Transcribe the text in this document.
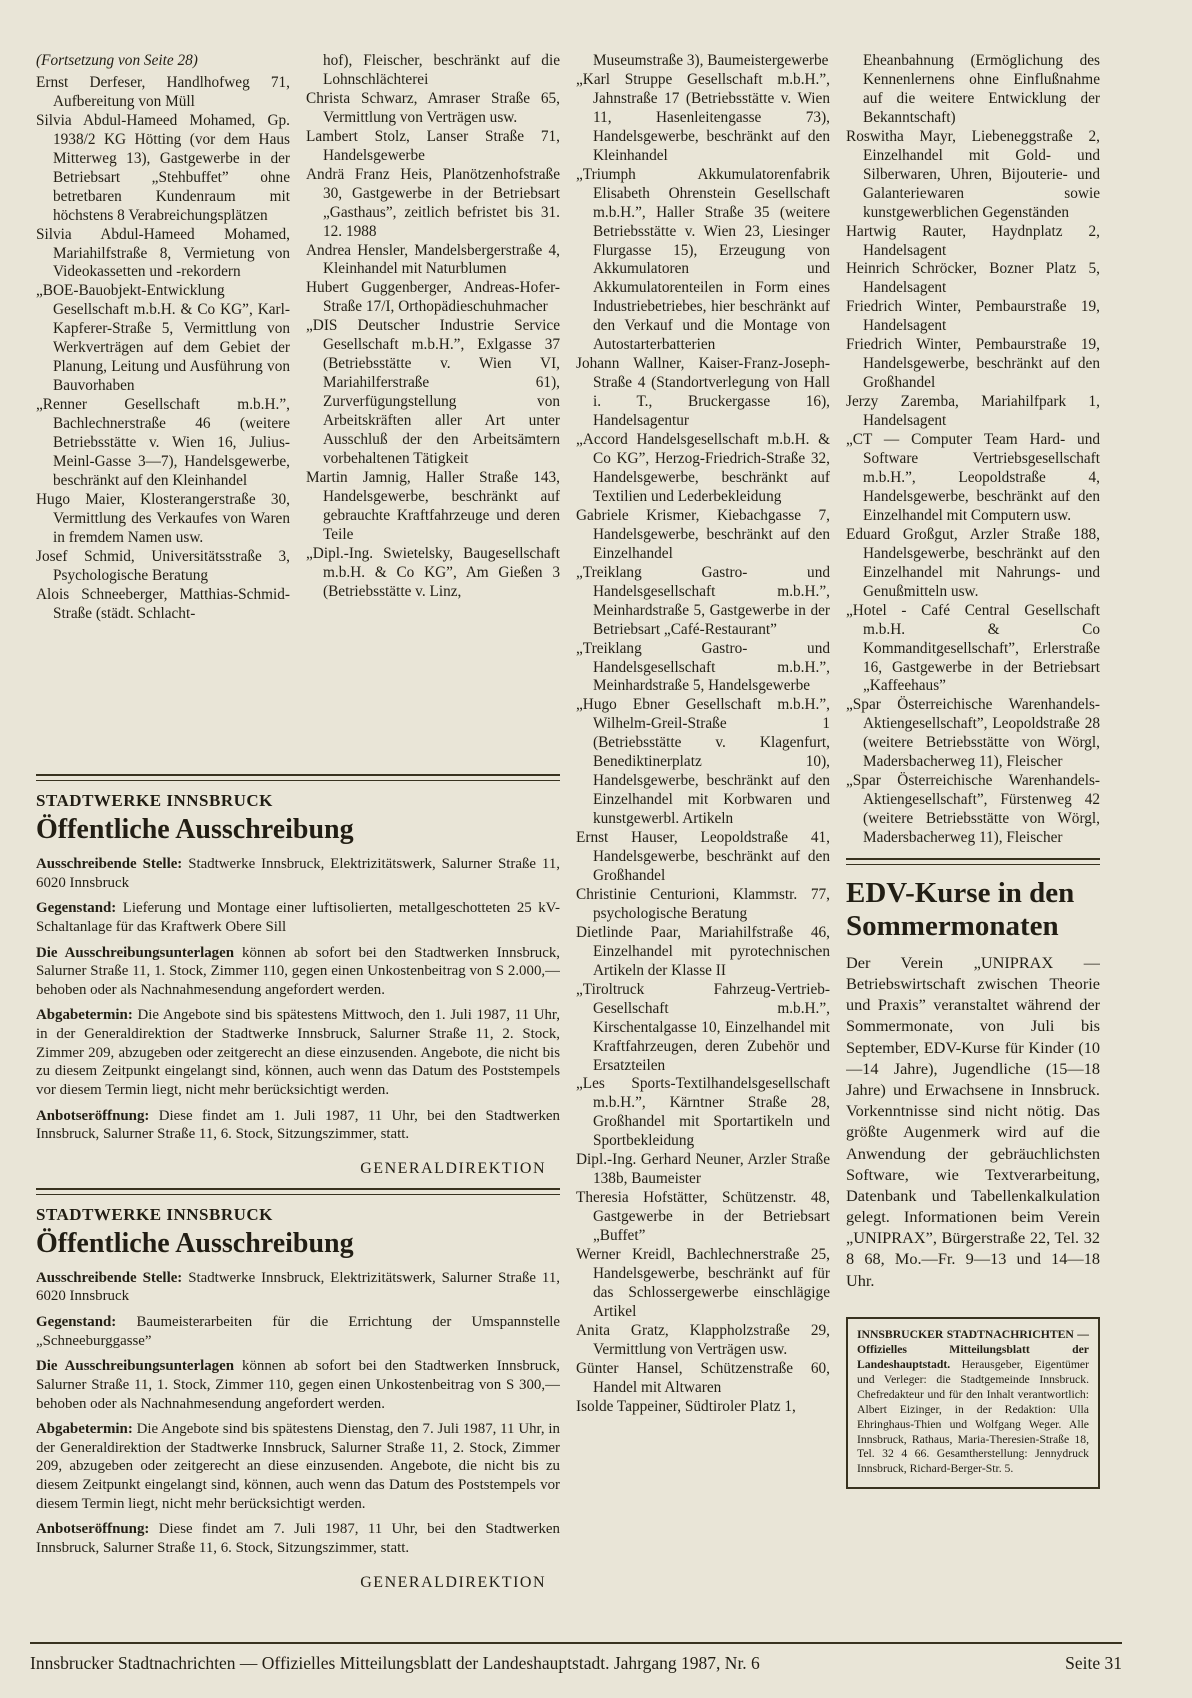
(Fortsetzung von Seite 28)

Ernst Derfeser, Handlhofweg 71, Aufbereitung von Müll

Silvia Abdul-Hameed Mohamed, Gp. 1938/2 KG Hötting (vor dem Haus Mitterweg 13), Gastgewerbe in der Betriebsart „Stehbuffet” ohne betretbaren Kundenraum mit höchstens 8 Verabreichungsplätzen

Silvia Abdul-Hameed Mohamed, Mariahilfstraße 8, Vermietung von Videokassetten und -rekordern

„BOE-Bauobjekt-Entwicklung Gesellschaft m.b.H. & Co KG”, Karl-Kapferer-Straße 5, Vermittlung von Werkverträgen auf dem Gebiet der Planung, Leitung und Ausführung von Bauvorhaben

„Renner Gesellschaft m.b.H.”, Bachlechnerstraße 46 (weitere Betriebsstätte v. Wien 16, Julius-Meinl-Gasse 3—7), Handelsgewerbe, beschränkt auf den Kleinhandel

Hugo Maier, Klosterangerstraße 30, Vermittlung des Verkaufes von Waren in fremdem Namen usw.

Josef Schmid, Universitätsstraße 3, Psychologische Beratung

Alois Schneeberger, Matthias-Schmid-Straße (städt. Schlacht-

hof), Fleischer, beschränkt auf die Lohnschlächterei

Christa Schwarz, Amraser Straße 65, Vermittlung von Verträgen usw.

Lambert Stolz, Lanser Straße 71, Handelsgewerbe

Andrä Franz Heis, Planötzenhofstraße 30, Gastgewerbe in der Betriebsart „Gasthaus”, zeitlich befristet bis 31. 12. 1988

Andrea Hensler, Mandelsbergerstraße 4, Kleinhandel mit Naturblumen

Hubert Guggenberger, Andreas-Hofer-Straße 17/I, Orthopädieschuhmacher

„DIS Deutscher Industrie Service Gesellschaft m.b.H.”, Exlgasse 37 (Betriebsstätte v. Wien VI, Mariahilferstraße 61), Zurverfügungstellung von Arbeitskräften aller Art unter Ausschluß der den Arbeitsämtern vorbehaltenen Tätigkeit

Martin Jamnig, Haller Straße 143, Handelsgewerbe, beschränkt auf gebrauchte Kraftfahrzeuge und deren Teile

„Dipl.-Ing. Swietelsky, Baugesellschaft m.b.H. & Co KG”, Am Gießen 3 (Betriebsstätte v. Linz,

STADTWERKE INNSBRUCK

Öffentliche Ausschreibung

Ausschreibende Stelle: Stadtwerke Innsbruck, Elektrizitätswerk, Salurner Straße 11, 6020 Innsbruck

Gegenstand: Lieferung und Montage einer luftisolierten, metallgeschotteten 25 kV-Schaltanlage für das Kraftwerk Obere Sill

Die Ausschreibungsunterlagen können ab sofort bei den Stadtwerken Innsbruck, Salurner Straße 11, 1. Stock, Zimmer 110, gegen einen Unkostenbeitrag von S 2.000,— behoben oder als Nachnahmesendung angefordert werden.

Abgabetermin: Die Angebote sind bis spätestens Mittwoch, den 1. Juli 1987, 11 Uhr, in der Generaldirektion der Stadtwerke Innsbruck, Salurner Straße 11, 2. Stock, Zimmer 209, abzugeben oder zeitgerecht an diese einzusenden. Angebote, die nicht bis zu diesem Zeitpunkt eingelangt sind, können, auch wenn das Datum des Poststempels vor diesem Termin liegt, nicht mehr berücksichtigt werden.

Anbotseröffnung: Diese findet am 1. Juli 1987, 11 Uhr, bei den Stadtwerken Innsbruck, Salurner Straße 11, 6. Stock, Sitzungszimmer, statt.

GENERALDIREKTION

STADTWERKE INNSBRUCK

Öffentliche Ausschreibung

Ausschreibende Stelle: Stadtwerke Innsbruck, Elektrizitätswerk, Salurner Straße 11, 6020 Innsbruck

Gegenstand: Baumeisterarbeiten für die Errichtung der Umspannstelle „Schneeburggasse”

Die Ausschreibungsunterlagen können ab sofort bei den Stadtwerken Innsbruck, Salurner Straße 11, 1. Stock, Zimmer 110, gegen einen Unkostenbeitrag von S 300,— behoben oder als Nachnahmesendung angefordert werden.

Abgabetermin: Die Angebote sind bis spätestens Dienstag, den 7. Juli 1987, 11 Uhr, in der Generaldirektion der Stadtwerke Innsbruck, Salurner Straße 11, 2. Stock, Zimmer 209, abzugeben oder zeitgerecht an diese einzusenden. Angebote, die nicht bis zu diesem Zeitpunkt eingelangt sind, können, auch wenn das Datum des Poststempels vor diesem Termin liegt, nicht mehr berücksichtigt werden.

Anbotseröffnung: Diese findet am 7. Juli 1987, 11 Uhr, bei den Stadtwerken Innsbruck, Salurner Straße 11, 6. Stock, Sitzungszimmer, statt.

GENERALDIREKTION

Museumstraße 3), Baumeistergewerbe

„Karl Struppe Gesellschaft m.b.H.”, Jahnstraße 17 (Betriebsstätte v. Wien 11, Hasenleitengasse 73), Handelsgewerbe, beschränkt auf den Kleinhandel

„Triumph Akkumulatorenfabrik Elisabeth Ohrenstein Gesellschaft m.b.H.”, Haller Straße 35 (weitere Betriebsstätte v. Wien 23, Liesinger Flurgasse 15), Erzeugung von Akkumulatoren und Akkumulatorenteilen in Form eines Industriebetriebes, hier beschränkt auf den Verkauf und die Montage von Autostarterbatterien

Johann Wallner, Kaiser-Franz-Joseph-Straße 4 (Standortverlegung von Hall i. T., Bruckergasse 16), Handelsagentur

„Accord Handelsgesellschaft m.b.H. & Co KG”, Herzog-Friedrich-Straße 32, Handelsgewerbe, beschränkt auf Textilien und Lederbekleidung

Gabriele Krismer, Kiebachgasse 7, Handelsgewerbe, beschränkt auf den Einzelhandel

„Treiklang Gastro- und Handelsgesellschaft m.b.H.”, Meinhardstraße 5, Gastgewerbe in der Betriebsart „Café-Restaurant”

„Treiklang Gastro- und Handelsgesellschaft m.b.H.”, Meinhardstraße 5, Handelsgewerbe

„Hugo Ebner Gesellschaft m.b.H.”, Wilhelm-Greil-Straße 1 (Betriebsstätte v. Klagenfurt, Benediktinerplatz 10), Handelsgewerbe, beschränkt auf den Einzelhandel mit Korbwaren und kunstgewerbl. Artikeln

Ernst Hauser, Leopoldstraße 41, Handelsgewerbe, beschränkt auf den Großhandel

Christinie Centurioni, Klammstr. 77, psychologische Beratung

Dietlinde Paar, Mariahilfstraße 46, Einzelhandel mit pyrotechnischen Artikeln der Klasse II

„Tiroltruck Fahrzeug-Vertrieb-Gesellschaft m.b.H.”, Kirschentalgasse 10, Einzelhandel mit Kraftfahrzeugen, deren Zubehör und Ersatzteilen

„Les Sports-Textilhandelsgesellschaft m.b.H.”, Kärntner Straße 28, Großhandel mit Sportartikeln und Sportbekleidung

Dipl.-Ing. Gerhard Neuner, Arzler Straße 138b, Baumeister

Theresia Hofstätter, Schützenstr. 48, Gastgewerbe in der Betriebsart „Buffet”

Werner Kreidl, Bachlechnerstraße 25, Handelsgewerbe, beschränkt auf für das Schlossergewerbe einschlägige Artikel

Anita Gratz, Klappholzstraße 29, Vermittlung von Verträgen usw.

Günter Hansel, Schützenstraße 60, Handel mit Altwaren

Isolde Tappeiner, Südtiroler Platz 1,

Eheanbahnung (Ermöglichung des Kennenlernens ohne Einflußnahme auf die weitere Entwicklung der Bekanntschaft)

Roswitha Mayr, Liebeneggstraße 2, Einzelhandel mit Gold- und Silberwaren, Uhren, Bijouterie- und Galanteriewaren sowie kunstgewerblichen Gegenständen

Hartwig Rauter, Haydnplatz 2, Handelsagent

Heinrich Schröcker, Bozner Platz 5, Handelsagent

Friedrich Winter, Pembaurstraße 19, Handelsagent

Friedrich Winter, Pembaurstraße 19, Handelsgewerbe, beschränkt auf den Großhandel

Jerzy Zaremba, Mariahilfpark 1, Handelsagent

„CT — Computer Team Hard- und Software Vertriebsgesellschaft m.b.H.”, Leopoldstraße 4, Handelsgewerbe, beschränkt auf den Einzelhandel mit Computern usw.

Eduard Großgut, Arzler Straße 188, Handelsgewerbe, beschränkt auf den Einzelhandel mit Nahrungs- und Genußmitteln usw.

„Hotel - Café Central Gesellschaft m.b.H. & Co Kommanditgesellschaft”, Erlerstraße 16, Gastgewerbe in der Betriebsart „Kaffeehaus”

„Spar Österreichische Warenhandels-Aktiengesellschaft”, Leopoldstraße 28 (weitere Betriebsstätte von Wörgl, Madersbacherweg 11), Fleischer

„Spar Österreichische Warenhandels-Aktiengesellschaft”, Fürstenweg 42 (weitere Betriebsstätte von Wörgl, Madersbacherweg 11), Fleischer

EDV-Kurse in den Sommermonaten

Der Verein „UNIPRAX — Betriebswirtschaft zwischen Theorie und Praxis” veranstaltet während der Sommermonate, von Juli bis September, EDV-Kurse für Kinder (10—14 Jahre), Jugendliche (15—18 Jahre) und Erwachsene in Innsbruck. Vorkenntnisse sind nicht nötig. Das größte Augenmerk wird auf die Anwendung der gebräuchlichsten Software, wie Textverarbeitung, Datenbank und Tabellenkalkulation gelegt. Informationen beim Verein „UNIPRAX”, Bürgerstraße 22, Tel. 32 8 68, Mo.—Fr. 9—13 und 14—18 Uhr.

INNSBRUCKER STADTNACHRICHTEN — Offizielles Mitteilungsblatt der Landeshauptstadt. Herausgeber, Eigentümer und Verleger: die Stadtgemeinde Innsbruck. Chefredakteur und für den Inhalt verantwortlich: Albert Eizinger, in der Redaktion: Ulla Ehringhaus-Thien und Wolfgang Weger. Alle Innsbruck, Rathaus, Maria-Theresien-Straße 18, Tel. 32 4 66. Gesamtherstellung: Jennydruck Innsbruck, Richard-Berger-Str. 5.
Innsbrucker Stadtnachrichten — Offizielles Mitteilungsblatt der Landeshauptstadt. Jahrgang 1987, Nr. 6	Seite 31
